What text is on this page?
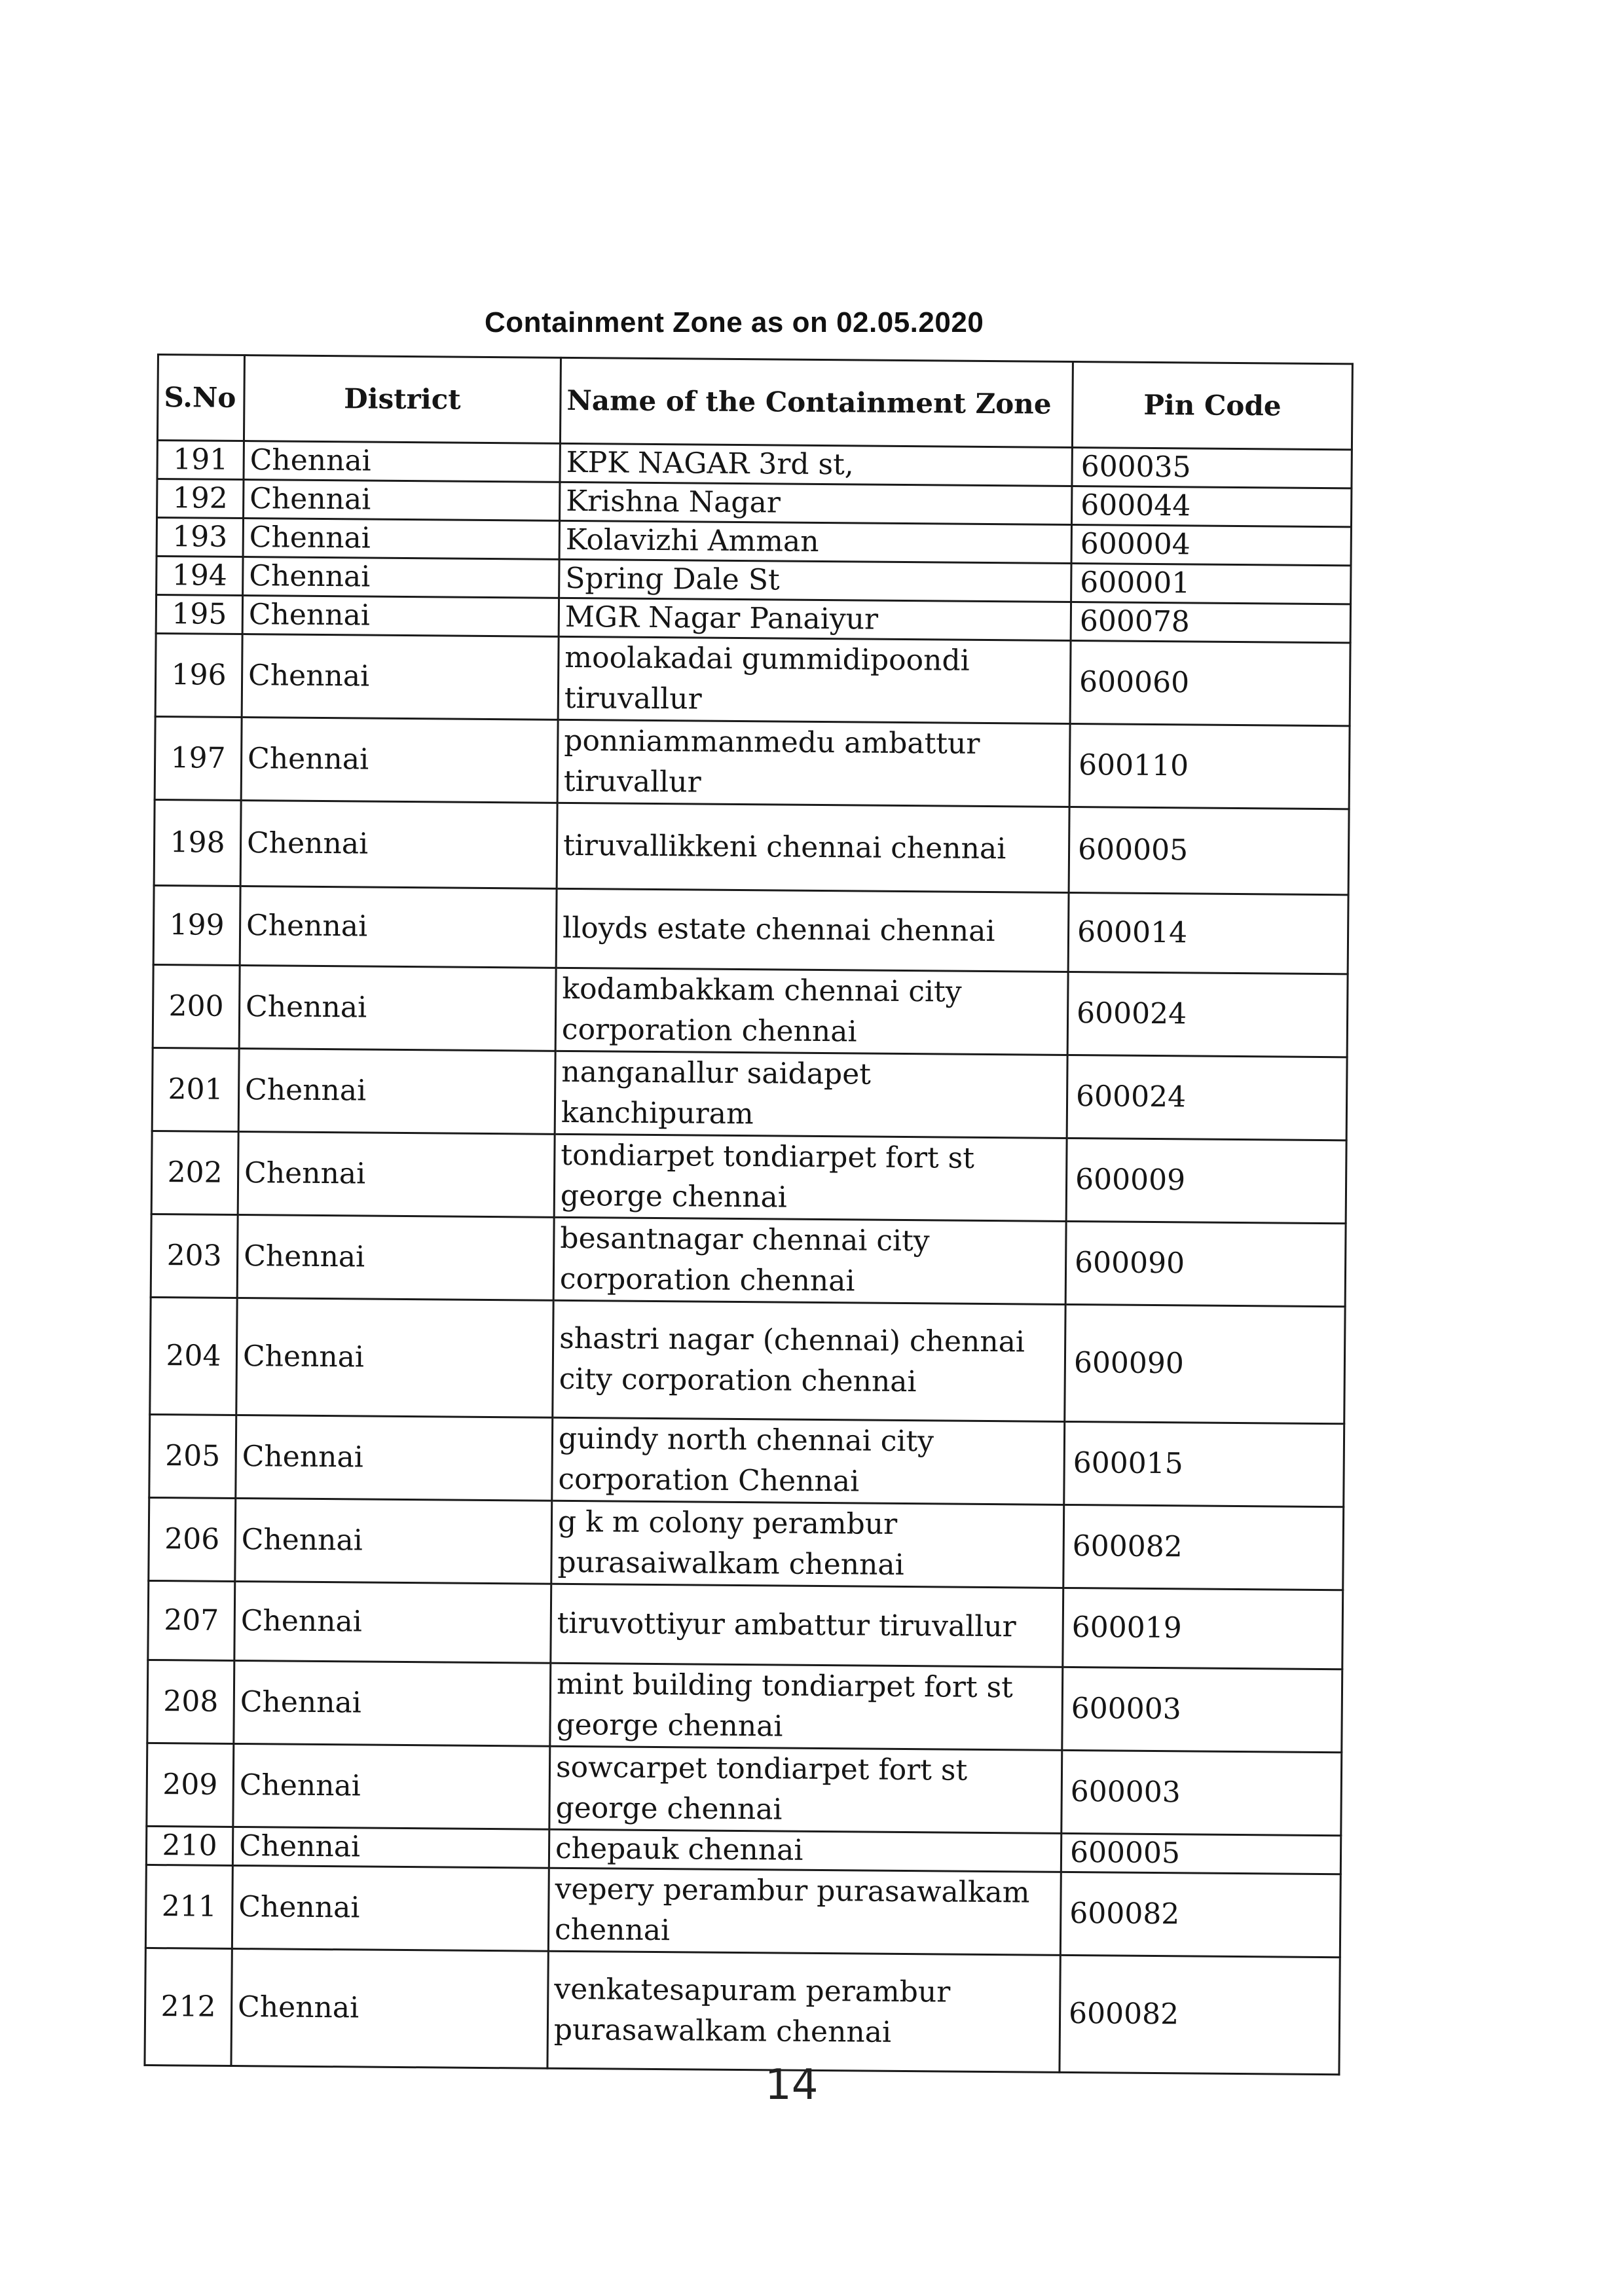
Containment Zone as on 02.05.2020
S.No	District	Name of the Containment Zone	Pin Code
191	Chennai	KPK NAGAR 3rd st,	600035
192	Chennai	Krishna Nagar	600044
193	Chennai	Kolavizhi Amman	600004
194	Chennai	Spring Dale St	600001
195	Chennai	MGR Nagar Panaiyur	600078
196	Chennai	moolakadai gummidipoondi tiruvallur	600060
197	Chennai	ponniammanmedu ambattur tiruvallur	600110
198	Chennai	tiruvallikkeni chennai chennai	600005
199	Chennai	lloyds estate chennai chennai	600014
200	Chennai	kodambakkam chennai city corporation chennai	600024
201	Chennai	nanganallur saidapet kanchipuram	600024
202	Chennai	tondiarpet tondiarpet fort st george chennai	600009
203	Chennai	besantnagar chennai city corporation chennai	600090
204	Chennai	shastri nagar (chennai) chennai city corporation chennai	600090
205	Chennai	guindy north chennai city corporation Chennai	600015
206	Chennai	g k m colony perambur purasaiwalkam chennai	600082
207	Chennai	tiruvottiyur ambattur tiruvallur	600019
208	Chennai	mint building tondiarpet fort st george chennai	600003
209	Chennai	sowcarpet tondiarpet fort st george chennai	600003
210	Chennai	chepauk chennai	600005
211	Chennai	vepery perambur purasawalkam chennai	600082
212	Chennai	venkatesapuram perambur purasawalkam chennai	600082
14
